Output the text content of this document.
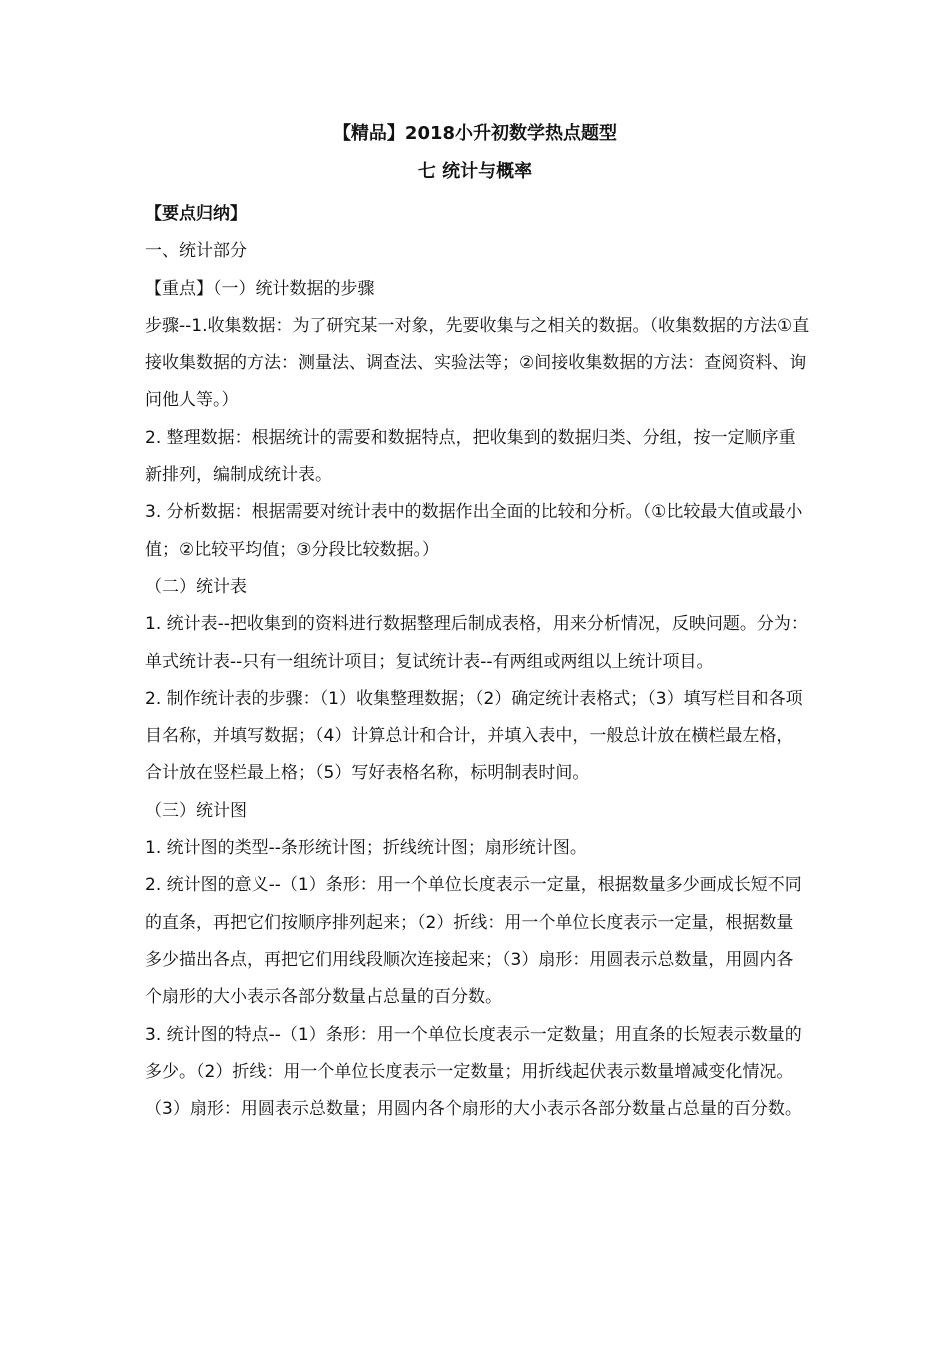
【精品】2018小升初数学热点题型
七 统计与概率

【要点归纳】

一、统计部分

【重点】（一）统计数据的步骤

步骤--1.收集数据：为了研究某一对象，先要收集与之相关的数据。（收集数据的方法①直接收集数据的方法：测量法、调查法、实验法等；②间接收集数据的方法：查阅资料、询问他人等。）

2. 整理数据：根据统计的需要和数据特点，把收集到的数据归类、分组，按一定顺序重新排列，编制成统计表。

3. 分析数据：根据需要对统计表中的数据作出全面的比较和分析。（①比较最大值或最小值；②比较平均值；③分段比较数据。）

（二）统计表

1. 统计表--把收集到的资料进行数据整理后制成表格，用来分析情况，反映问题。分为：单式统计表--只有一组统计项目；复试统计表--有两组或两组以上统计项目。

2. 制作统计表的步骤：（1）收集整理数据；（2）确定统计表格式；（3）填写栏目和各项目名称，并填写数据；（4）计算总计和合计，并填入表中，一般总计放在横栏最左格，合计放在竖栏最上格；（5）写好表格名称，标明制表时间。

（三）统计图

1. 统计图的类型--条形统计图；折线统计图；扇形统计图。

2. 统计图的意义--（1）条形：用一个单位长度表示一定量，根据数量多少画成长短不同的直条，再把它们按顺序排列起来；（2）折线：用一个单位长度表示一定量，根据数量多少描出各点，再把它们用线段顺次连接起来；（3）扇形：用圆表示总数量，用圆内各个扇形的大小表示各部分数量占总量的百分数。

3. 统计图的特点--（1）条形：用一个单位长度表示一定数量；用直条的长短表示数量的多少。（2）折线：用一个单位长度表示一定数量；用折线起伏表示数量增减变化情况。（3）扇形：用圆表示总数量；用圆内各个扇形的大小表示各部分数量占总量的百分数。
